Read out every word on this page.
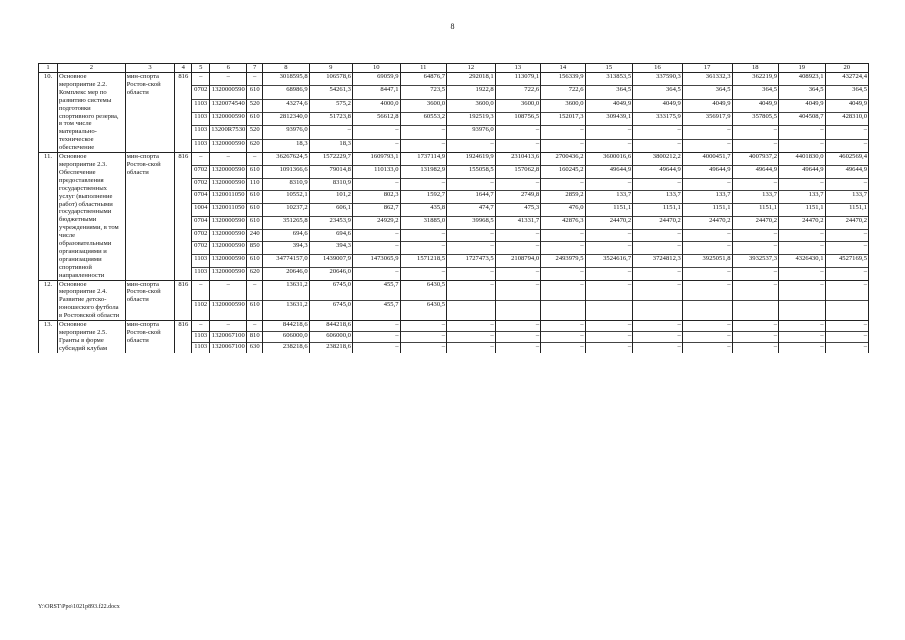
8
1	2	3	4	5	6	7	8	9	10	11	12	13	14	15	16	17	18	19	20
10.	Основное мероприятие 2.2. Комплекс мер по развитию системы подготовки спортивного резерва, в том числе материально-техническое обеспечение	мин-спорта Ростов-ской области	816	–	–	–	3018595,8	106578,6	69059,9	64876,7	292018,1	113079,1	156339,9	313853,5	337590,3	361332,3	362219,9	408923,1	432724,4
				0702	1320000590	610	68986,9	54261,3	8447,1	723,5	1922,8	722,6	722,6	364,5	364,5	364,5	364,5	364,5	364,5
				1103	1320074540	520	43274,6	575,2	4000,0	3600,0	3600,0	3600,0	3600,0	4049,9	4049,9	4049,9	4049,9	4049,9	4049,9
				1103	1320000590	610	2812340,0	51723,8	56612,8	60553,2	192519,3	108756,5	152017,3	309439,1	333175,9	356917,9	357805,5	404508,7	428310,0
				1103	13200R7530	520	93976,0	–	–	–	93976,0	–	–	–	–	–	–	–	–
				1103	1320000590	620	18,3	18,3	–	–	–	–	–	–	–	–	–	–	–
11.	Основное мероприятие 2.3. Обеспечение предоставления государственных услуг (выполнение работ) областными государственными бюджетными учреждениями, в том числе образовательными организациями и организациями спортивной направленности	мин-спорта Ростов-ской области	816	–	–	–	36267624,5	1572229,7	1609793,1	1737114,9	1924619,9	2310413,6	2700436,2	3600016,6	3800212,2	4000451,7	4007937,2	4401830,0	4602569,4
				0702	1320000590	610	1091366,6	79014,8	110133,0	131982,9	155058,5	157062,8	160245,2	49644,9	49644,9	49644,9	49644,9	49644,9	49644,9
				0702	1320000590	110	8310,9	8310,9	–	–	–	–	–	–	–	–	–	–	–
				0704	1320011050	610	10552,1	101,2	802,3	1592,7	1644,7	2749,8	2859,2	133,7	133,7	133,7	133,7	133,7	133,7
				1004	1320011050	610	10237,2	606,1	862,7	435,8	474,7	475,3	476,0	1151,1	1151,1	1151,1	1151,1	1151,1	1151,1
				0704	1320000590	610	351265,8	23453,9	24929,2	31885,0	39968,5	41331,7	42876,3	24470,2	24470,2	24470,2	24470,2	24470,2	24470,2
				0702	1320000590	240	694,6	694,6	–	–	–	–	–	–	–	–	–	–	–
				0702	1320000590	850	394,3	394,3	–	–	–	–	–	–	–	–	–	–	–
				1103	1320000590	610	34774157,0	1439007,9	1473065,9	1571218,5	1727473,5	2108794,0	2493979,5	3524616,7	3724812,3	3925051,8	3932537,3	4326430,1	4527169,5
				1103	1320000590	620	20646,0	20646,0	–	–	–	–	–	–	–	–	–	–	–
12.	Основное мероприятие 2.4. Развитие детско-юношеского футбола в Ростовской области	мин-спорта Ростов-ской области	816	–	–	–	13631,2	6745,0	455,7	6430,5	–	–	–	–	–	–	–	–	–
				1102	1320000590	610	13631,2	6745,0	455,7	6430,5									
13.	Основное мероприятие 2.5. Гранты в форме субсидий клубам	мин-спорта Ростов-ской области	816	–	–	–	844218,6	844218,6	–	–	–	–	–	–	–	–	–	–	–
				1103	1320067100	810	606000,0	606000,0	–	–	–	–	–	–	–	–	–	–	–
				1103	1320067100	630	238218,6	238218,6	–	–	–	–	–	–	–	–	–	–	–
Y:\ORST\Ppo\1021p893.f22.docx
